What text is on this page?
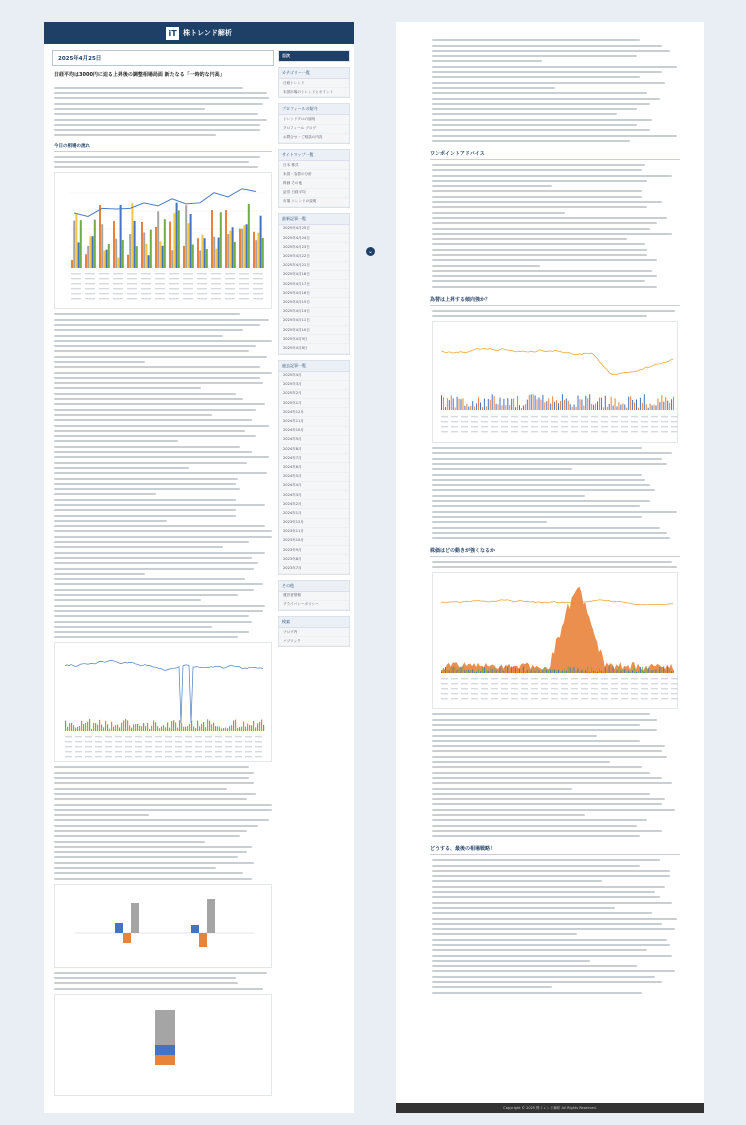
iT 株トレンド解析
2025年4月25日
日経平均は3000円に迫る上昇後の調整相場局面 新たなる「一時的な円高」
今日の相場の流れ
目次
カテゴリー一覧
日経トレンド
米国市場のトレンドとポイント
プロフィールの紹介
トレンドプロの説明
プロフィール ブログ
お問合せ・ご相談の内容
サイトマップ一覧
日本 株式
米国・為替の分析
株価 その他
証券 日経平均
市場 トレンドの説明
最新記事一覧
2025年4月25日
2025年4月24日
2025年4月23日
2025年4月22日
2025年4月21日
2025年4月18日
2025年4月17日
2025年4月16日
2025年4月15日
2025年4月14日
2025年4月11日
2025年4月10日
2025年4月9日
2025年4月8日
過去記事一覧
2025年4月
2025年3月
2025年2月
2025年1月
2024年12月
2024年11月
2024年10月
2024年9月
2024年8月
2024年7月
2024年6月
2024年5月
2024年4月
2024年3月
2024年2月
2024年1月
2023年12月
2023年11月
2023年10月
2023年9月
2023年8月
2023年7月
その他
運営者情報
プライバシーポリシー
検索
ブログ内
パブリック
⌄
ワンポイントアドバイス
為替は上昇する傾向強か？
株価はどの動きが強くなるか
どうする、最後の相場戦略！
Copyright © 2025 株トレンド解析 All Rights Reserved.
